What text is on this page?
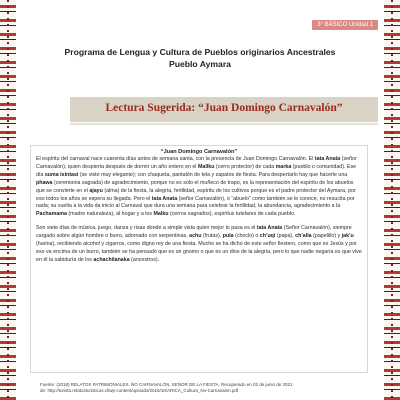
3° BÁSICO Unidad 1
Programa de Lengua y Cultura de Pueblos originarios Ancestrales
Pueblo Aymara
Lectura Sugerida: “Juan Domingo Carnavalón”
“Juan Domingo Carnavalón”

El espíritu del carnaval nace cuarenta días antes de semana santa, con la presencia de Juan Domingo Carnavalón. El tata Anata (señor Carnavalón), quien despierta después de dormir un año entero en el Mallku (cerro protector) de cada marka (pueblo o comunidad). Ese día suma isintasi (se viste muy elegante); con chaqueta, pantalón de tela y zapatos de fiesta. Para despertarlo hay que hacerle una phawa (ceremonia sagrada) de agradecimiento, porque no es solo el muñeco de trapo, es la representación del espíritu de los abuelos que se convierte en el ajayu (alma) de la fiesta, la alegría, fertilidad, espíritu de los cultivos porque es el padre protector del Aymara, por eso todos los años se espera su llegada. Pero el tata Anata (señor Carnavalón), o “abuelo” como también se le conoce, no resucita por nada; su vuelta a la vida da inicio al Carnaval que dura una semana para celebrar la fertilidad, la abundancia, agradecimiento a la Pachamama (madre naturaleza), al hogar y a los Malku (cerros sagrados), espíritus tutelares de cada pueblo.

Son siete días de música, juego, danza y risas donde a simple vista quien mejor lo pasa es el tata Anata (Señor Carnavalón), siempre cargado sobre algún hombre o burro, adornado con serpentinas, achu (frutas), pula (choclo) o ch’uqi (papa), ch’alla (papelillo) y jak’u (harina), recibiendo alcohol y cigarros, como digno rey de una fiesta. Mucho se ha dicho de este señor fiestero, como que es Jesús y por eso va encima de un burro, también se ha pensado que es un gnomo o que es un dios de la alegría, pero lo que nadie negaría es que vive en él la sabiduría de los achachilanaka (ancestros).

Fuente: (2018) RELATOS PATRIMONIALES. ÑO CARNAVALÓN, SEÑOR DE LA FIESTA. Recuperado en 02 de junio de 2021
de: http://turista.relatosturisticos.cl/wp-content/uploads/2018/10/ARICA_Cultura_No-Carnavalon.pdf
